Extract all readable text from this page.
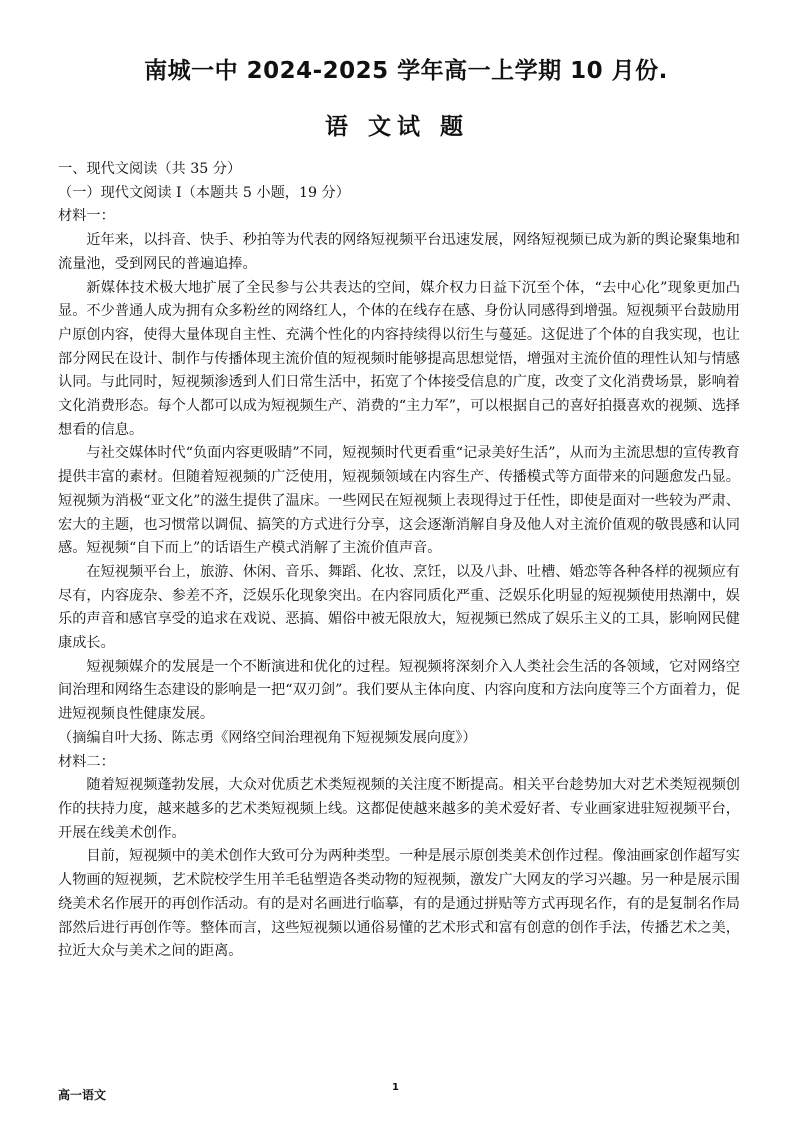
南城一中 2024-2025 学年高一上学期 10 月份.
语 文试 题

一、现代文阅读（共 35 分）

（一）现代文阅读 I（本题共 5 小题，19 分）

材料一：

近年来，以抖音、快手、秒拍等为代表的网络短视频平台迅速发展，网络短视频已成为新的舆论聚集地和流量池，受到网民的普遍追捧。

新媒体技术极大地扩展了全民参与公共表达的空间，媒介权力日益下沉至个体，“去中心化”现象更加凸显。不少普通人成为拥有众多粉丝的网络红人，个体的在线存在感、身份认同感得到增强。短视频平台鼓励用户原创内容，使得大量体现自主性、充满个性化的内容持续得以衍生与蔓延。这促进了个体的自我实现，也让部分网民在设计、制作与传播体现主流价值的短视频时能够提高思想觉悟，增强对主流价值的理性认知与情感认同。与此同时，短视频渗透到人们日常生活中，拓宽了个体接受信息的广度，改变了文化消费场景，影响着文化消费形态。每个人都可以成为短视频生产、消费的“主力军”，可以根据自己的喜好拍摄喜欢的视频、选择想看的信息。

与社交媒体时代“负面内容更吸睛”不同，短视频时代更看重“记录美好生活”，从而为主流思想的宣传教育提供丰富的素材。但随着短视频的广泛使用，短视频领域在内容生产、传播模式等方面带来的问题愈发凸显。短视频为消极“亚文化”的滋生提供了温床。一些网民在短视频上表现得过于任性，即使是面对一些较为严肃、宏大的主题，也习惯常以调侃、搞笑的方式进行分享，这会逐渐消解自身及他人对主流价值观的敬畏感和认同感。短视频“自下而上”的话语生产模式消解了主流价值声音。

在短视频平台上，旅游、休闲、音乐、舞蹈、化妆、烹饪，以及八卦、吐槽、婚恋等各种各样的视频应有尽有，内容庞杂、参差不齐，泛娱乐化现象突出。在内容同质化严重、泛娱乐化明显的短视频使用热潮中，娱乐的声音和感官享受的追求在戏说、恶搞、媚俗中被无限放大，短视频已然成了娱乐主义的工具，影响网民健康成长。

短视频媒介的发展是一个不断演进和优化的过程。短视频将深刻介入人类社会生活的各领域，它对网络空间治理和网络生态建设的影响是一把“双刃剑”。我们要从主体向度、内容向度和方法向度等三个方面着力，促进短视频良性健康发展。

（摘编自叶大扬、陈志勇《网络空间治理视角下短视频发展向度》）

材料二：

随着短视频蓬勃发展，大众对优质艺术类短视频的关注度不断提高。相关平台趁势加大对艺术类短视频创作的扶持力度，越来越多的艺术类短视频上线。这都促使越来越多的美术爱好者、专业画家进驻短视频平台，开展在线美术创作。

目前，短视频中的美术创作大致可分为两种类型。一种是展示原创类美术创作过程。像油画家创作超写实人物画的短视频，艺术院校学生用羊毛毡塑造各类动物的短视频，激发广大网友的学习兴趣。另一种是展示围绕美术名作展开的再创作活动。有的是对名画进行临摹，有的是通过拼贴等方式再现名作，有的是复制名作局部然后进行再创作等。整体而言，这些短视频以通俗易懂的艺术形式和富有创意的创作手法，传播艺术之美，拉近大众与美术之间的距离。

高一语文
1
